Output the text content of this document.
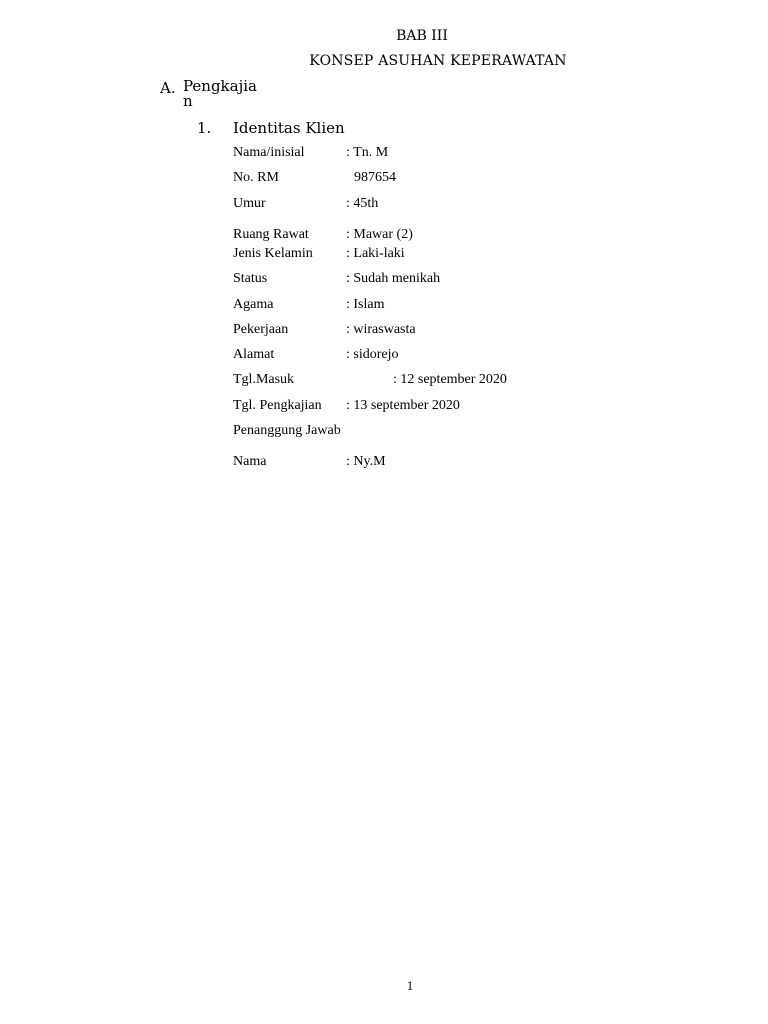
BAB III
KONSEP ASUHAN KEPERAWATAN
A. Pengkajian
1. Identitas Klien
Nama/inisial	: Tn. M
No. RM	987654
Umur	: 45th
Ruang Rawat	: Mawar (2)
Jenis Kelamin : Laki-laki
Status	: Sudah menikah
Agama	: Islam
Pekerjaan	: wiraswasta
Alamat	: sidorejo
Tgl.Masuk	: 12 september 2020
Tgl. Pengkajian : 13 september 2020
Penanggung Jawab
Nama	: Ny.M
1
